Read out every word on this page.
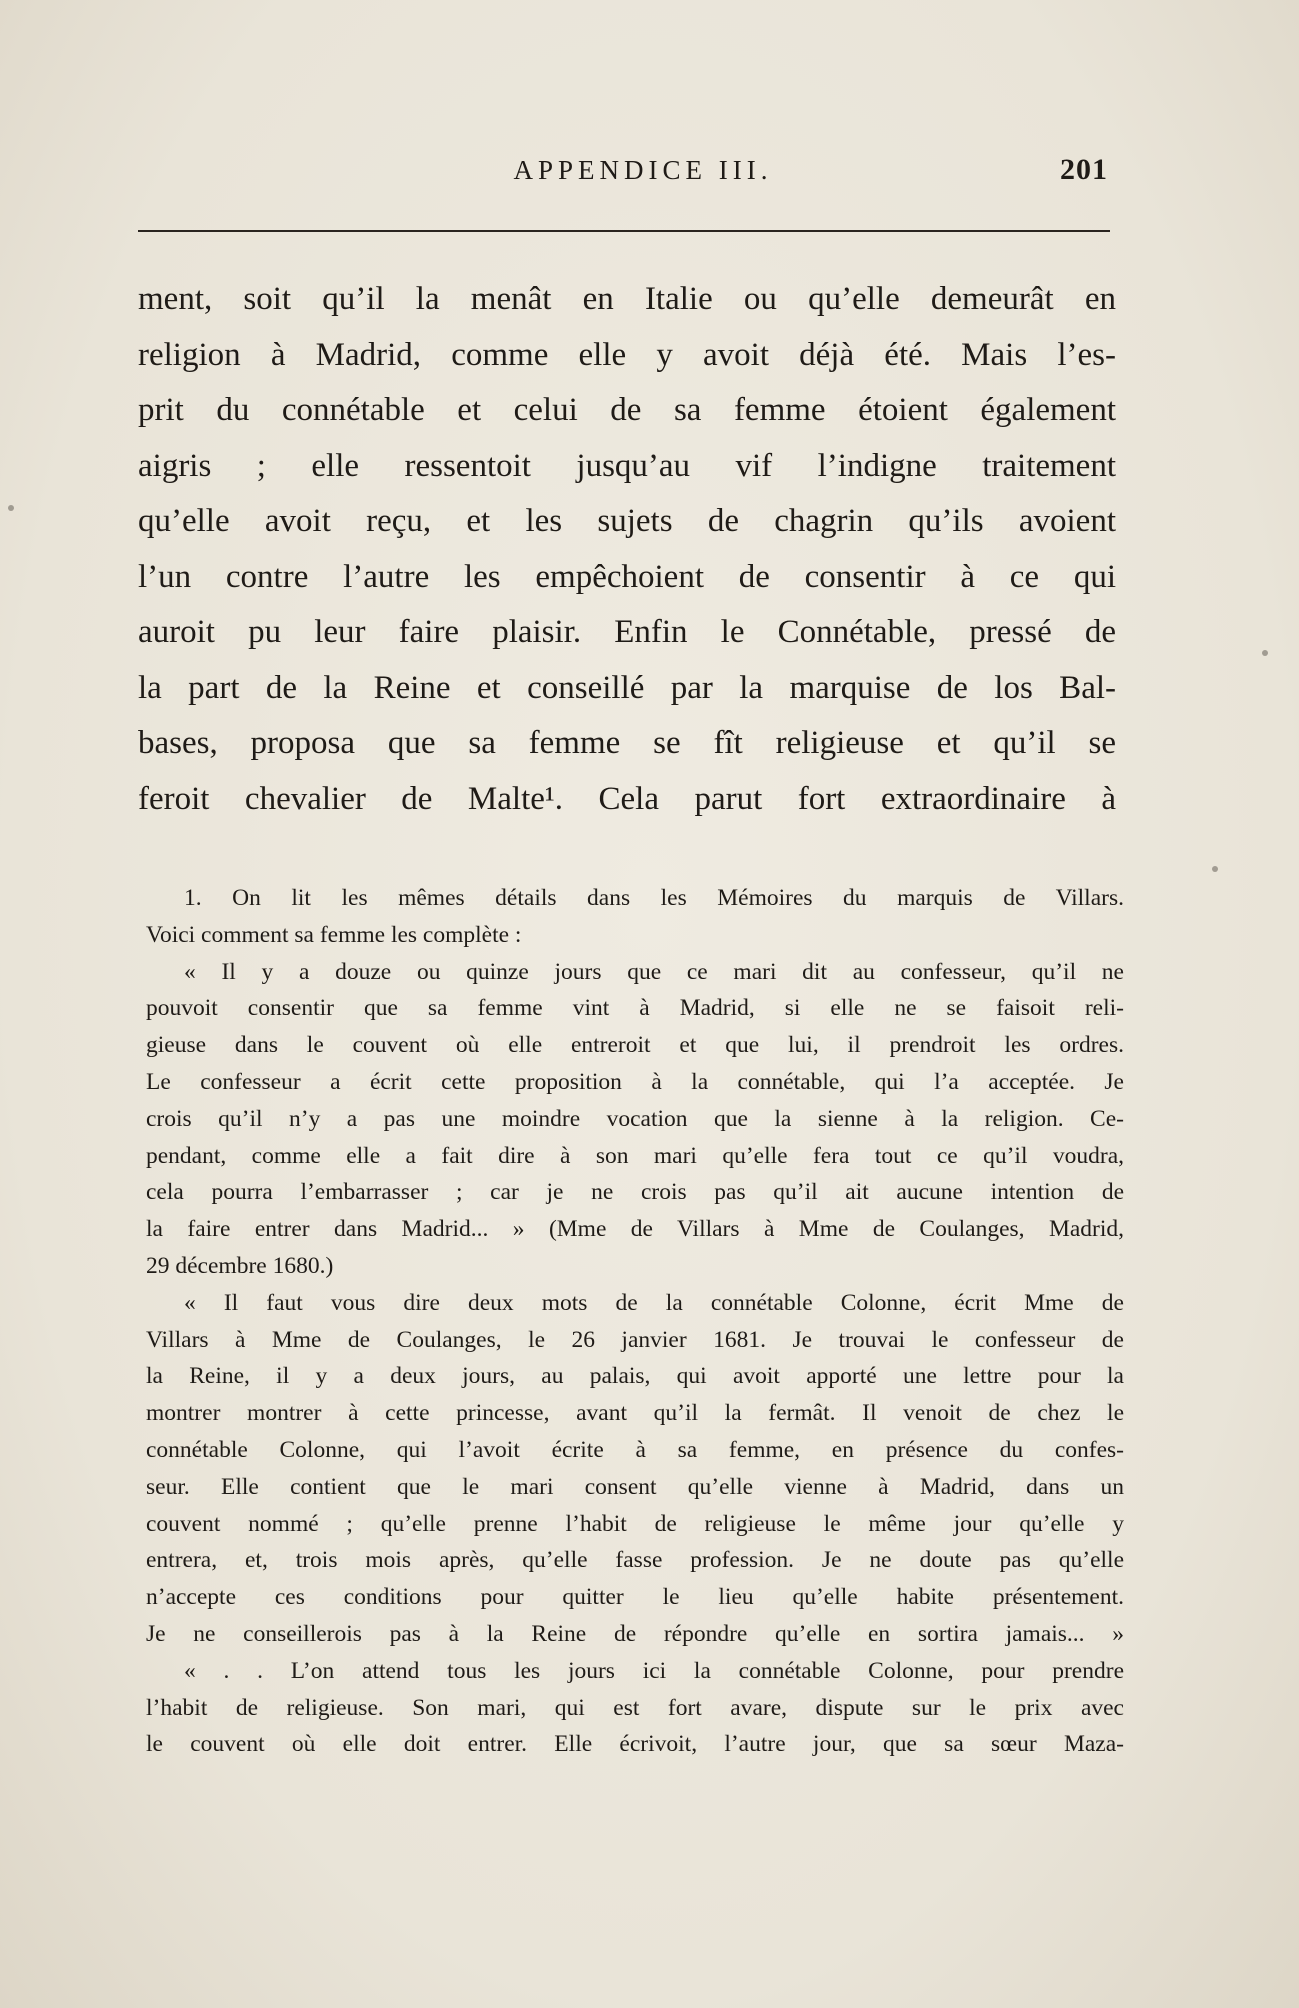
APPENDICE III.	201
ment, soit qu’il la menât en Italie ou qu’elle demeurât en
religion à Madrid, comme elle y avoit déjà été. Mais l’es-
prit du connétable et celui de sa femme étoient également
aigris ; elle ressentoit jusqu’au vif l’indigne traitement
qu’elle avoit reçu, et les sujets de chagrin qu’ils avoient
l’un contre l’autre les empêchoient de consentir à ce qui
auroit pu leur faire plaisir. Enfin le Connétable, pressé de
la part de la Reine et conseillé par la marquise de los Bal-
bases, proposa que sa femme se fît religieuse et qu’il se
feroit chevalier de Malte¹. Cela parut fort extraordinaire à
1. On lit les mêmes détails dans les Mémoires du marquis de Villars.
Voici comment sa femme les complète :
« Il y a douze ou quinze jours que ce mari dit au confesseur, qu’il ne
pouvoit consentir que sa femme vint à Madrid, si elle ne se faisoit reli-
gieuse dans le couvent où elle entreroit et que lui, il prendroit les ordres.
Le confesseur a écrit cette proposition à la connétable, qui l’a acceptée. Je
crois qu’il n’y a pas une moindre vocation que la sienne à la religion. Ce-
pendant, comme elle a fait dire à son mari qu’elle fera tout ce qu’il voudra,
cela pourra l’embarrasser ; car je ne crois pas qu’il ait aucune intention de
la faire entrer dans Madrid... » (Mme de Villars à Mme de Coulanges, Madrid,
29 décembre 1680.)
« Il faut vous dire deux mots de la connétable Colonne, écrit Mme de
Villars à Mme de Coulanges, le 26 janvier 1681. Je trouvai le confesseur de
la Reine, il y a deux jours, au palais, qui avoit apporté une lettre pour la
montrer montrer à cette princesse, avant qu’il la fermât. Il venoit de chez le
connétable Colonne, qui l’avoit écrite à sa femme, en présence du confes-
seur. Elle contient que le mari consent qu’elle vienne à Madrid, dans un
couvent nommé ; qu’elle prenne l’habit de religieuse le même jour qu’elle y
entrera, et, trois mois après, qu’elle fasse profession. Je ne doute pas qu’elle
n’accepte ces conditions pour quitter le lieu qu’elle habite présentement.
Je ne conseillerois pas à la Reine de répondre qu’elle en sortira jamais... »
« . . L’on attend tous les jours ici la connétable Colonne, pour prendre
l’habit de religieuse. Son mari, qui est fort avare, dispute sur le prix avec
le couvent où elle doit entrer. Elle écrivoit, l’autre jour, que sa sœur Maza-
